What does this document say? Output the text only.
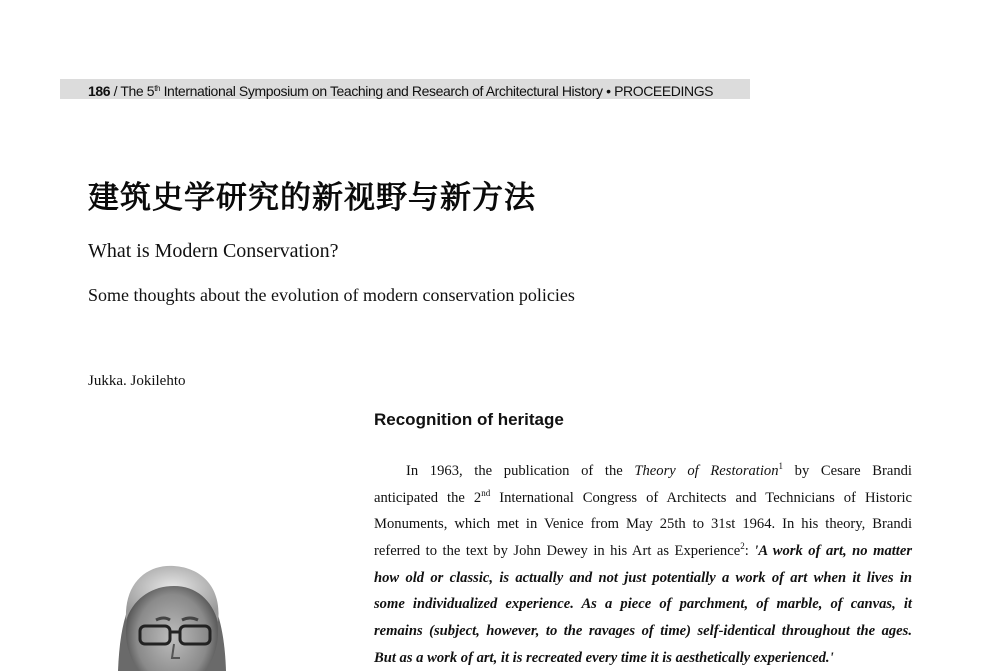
186 / The 5th International Symposium on Teaching and Research of Architectural History • PROCEEDINGS
建筑史学研究的新视野与新方法
What is Modern Conservation?
Some thoughts about the evolution of modern conservation policies
Jukka. Jokilehto
Recognition of heritage
In 1963, the publication of the Theory of Restoration$^1$ by Cesare Brandi
anticipated the 2nd International Congress of Architects and Technicians of Historic
Monuments, which met in Venice from May 25th to 31st 1964. In his theory, Brandi
referred to the text by John Dewey in his Art as Experience$^2$: 'A work of art, no matter
how old or classic, is actually and not just potentially a work of art when it lives in
some individualized experience. As a piece of parchment, of marble, of canvas, it
remains (subject, however, to the ravages of time) self-identical throughout the ages.
But as a work of art, it is recreated every time it is aesthetically experienced.'
